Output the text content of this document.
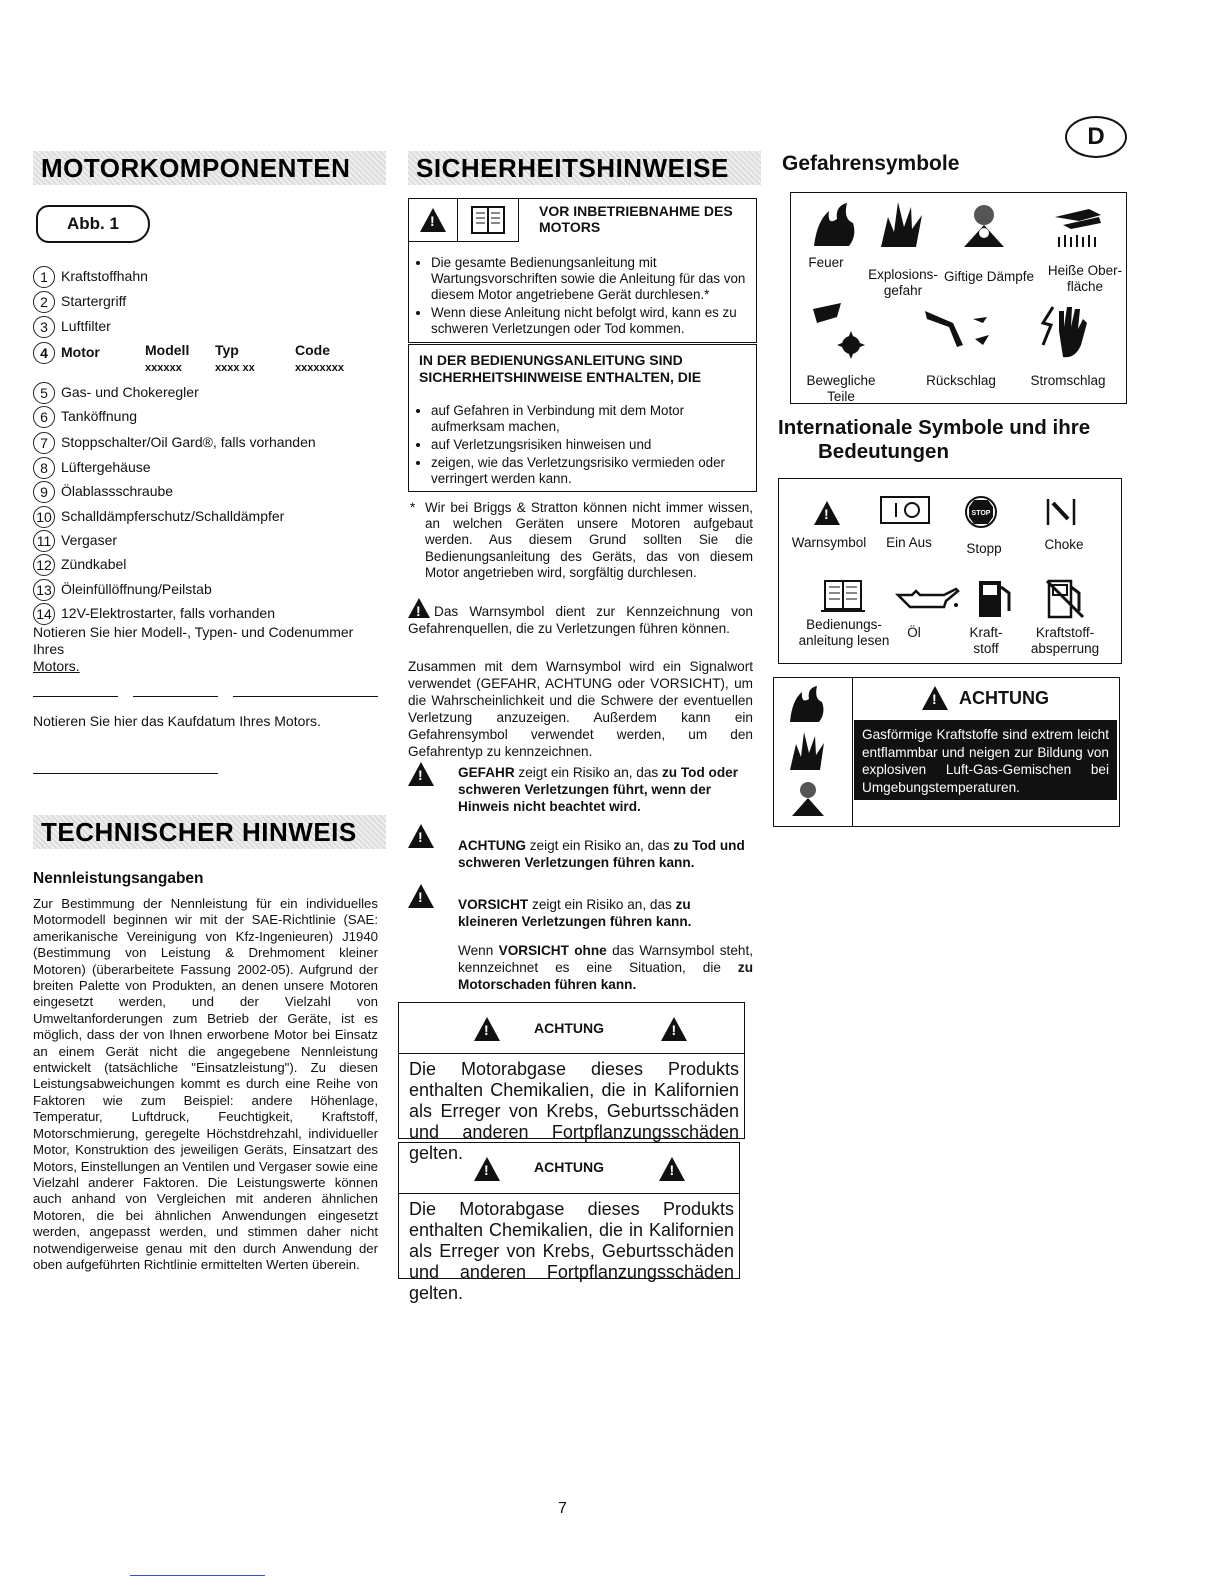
MOTORKOMPONENTEN
Abb. 1
1 Kraftstoffhahn
2 Startergriff
3 Luftfilter
4 Motor
5 Gas- und Chokeregler
6 Tanköffnung
7 Stoppschalter/Oil Gard®, falls vorhanden
8 Lüftergehäuse
9 Ölablassschraube
10 Schalldämpferschutz/Schalldämpfer
11 Vergaser
12 Zündkabel
13 Öleinfüllöffnung/Peilstab
14 12V-Elektrostarter, falls vorhanden
Modell Typ	Code
xxxxxx	xxxx xx	xxxxxxxx
Notieren Sie hier Modell-, Typen- und Codenummer Ihres
Motors.
Notieren Sie hier das Kaufdatum Ihres Motors.
TECHNISCHER HINWEIS
Nennleistungsangaben
Zur Bestimmung der Nennleistung für ein individuelles Motormodell beginnen wir mit der SAE-Richtlinie (SAE: amerikanische Vereinigung von Kfz-Ingenieuren) J1940 (Bestimmung von Leistung & Drehmoment kleiner Motoren) (überarbeitete Fassung 2002-05). Aufgrund der breiten Palette von Produkten, an denen unsere Motoren eingesetzt werden, und der Vielzahl von Umweltanforderungen zum Betrieb der Geräte, ist es möglich, dass der von Ihnen erworbene Motor bei Einsatz an einem Gerät nicht die angegebene Nennleistung entwickelt (tatsächliche "Einsatzleistung"). Zu diesen Leistungsabweichungen kommt es durch eine Reihe von Faktoren wie zum Beispiel: andere Höhenlage, Temperatur, Luftdruck, Feuchtigkeit, Kraftstoff, Motorschmierung, geregelte Höchstdrehzahl, individueller Motor, Konstruktion des jeweiligen Geräts, Einsatzart des Motors, Einstellungen an Ventilen und Vergaser sowie eine Vielzahl anderer Faktoren. Die Leistungswerte können auch anhand von Vergleichen mit anderen ähnlichen Motoren, die bei ähnlichen Anwendungen eingesetzt werden, angepasst werden, und stimmen daher nicht notwendigerweise genau mit den durch Anwendung der oben aufgeführten Richtlinie ermittelten Werten überein.
SICHERHEITSHINWEISE
!
VOR INBETRIEBNAHME DES MOTORS
• Die gesamte Bedienungsanleitung mit Wartungsvorschriften sowie die Anleitung für das von diesem Motor angetriebene Gerät durchlesen.*
• Wenn diese Anleitung nicht befolgt wird, kann es zu schweren Verletzungen oder Tod kommen.
IN DER BEDIENUNGSANLEITUNG SIND SICHERHEITSHINWEISE ENTHALTEN, DIE
• auf Gefahren in Verbindung mit dem Motor aufmerksam machen,
• auf Verletzungsrisiken hinweisen und
• zeigen, wie das Verletzungsrisiko vermieden oder verringert werden kann.
* Wir bei Briggs & Stratton können nicht immer wissen, an welchen Geräten unsere Motoren aufgebaut werden. Aus diesem Grund sollten Sie die Bedienungsanleitung des Geräts, das von diesem Motor angetrieben wird, sorgfältig durchlesen.
!Das Warnsymbol dient zur Kennzeichnung von Gefahrenquellen, die zu Verletzungen führen können.
Zusammen mit dem Warnsymbol wird ein Signalwort verwendet (GEFAHR, ACHTUNG oder VORSICHT), um die Wahrscheinlichkeit und die Schwere der eventuellen Verletzung anzuzeigen. Außerdem kann ein Gefahrensymbol verwendet werden, um den Gefahrentyp zu kennzeichnen.
!
GEFAHR zeigt ein Risiko an, das zu Tod oder schweren Verletzungen führt, wenn der Hinweis nicht beachtet wird.
!
ACHTUNG zeigt ein Risiko an, das zu Tod und schweren Verletzungen führen kann.
!
VORSICHT zeigt ein Risiko an, das zu kleineren Verletzungen führen kann.
Wenn VORSICHT ohne das Warnsymbol steht, kennzeichnet es eine Situation, die zu Motorschaden führen kann.
!
ACHTUNG
!
Die Motorabgase dieses Produkts enthalten Chemikalien, die in Kalifornien als Erreger von Krebs, Geburtsschäden und anderen Fortpflanzungsschäden gelten.
!
ACHTUNG
!
Die Motorabgase dieses Produkts enthalten Chemikalien, die in Kalifornien als Erreger von Krebs, Geburtsschäden und anderen Fortpflanzungsschäden gelten.
D
Gefahrensymbole
Feuer
Explosions-gefahr
Giftige Dämpfe Heiße Ober-fläche
Bewegliche Teile
Rückschlag	Stromschlag
Internationale Symbole und ihre
Bedeutungen
!
STOP
Warnsymbol	Ein Aus	Stopp	Choke
Bedienungs-anleitung lesen
Öl	Kraft-stoff
Kraftstoff-absperrung
!
ACHTUNG
Gasförmige Kraftstoffe sind extrem leicht entflammbar und neigen zur Bildung von explosiven Luft-Gas-Gemischen bei Umgebungstemperaturen.
7
